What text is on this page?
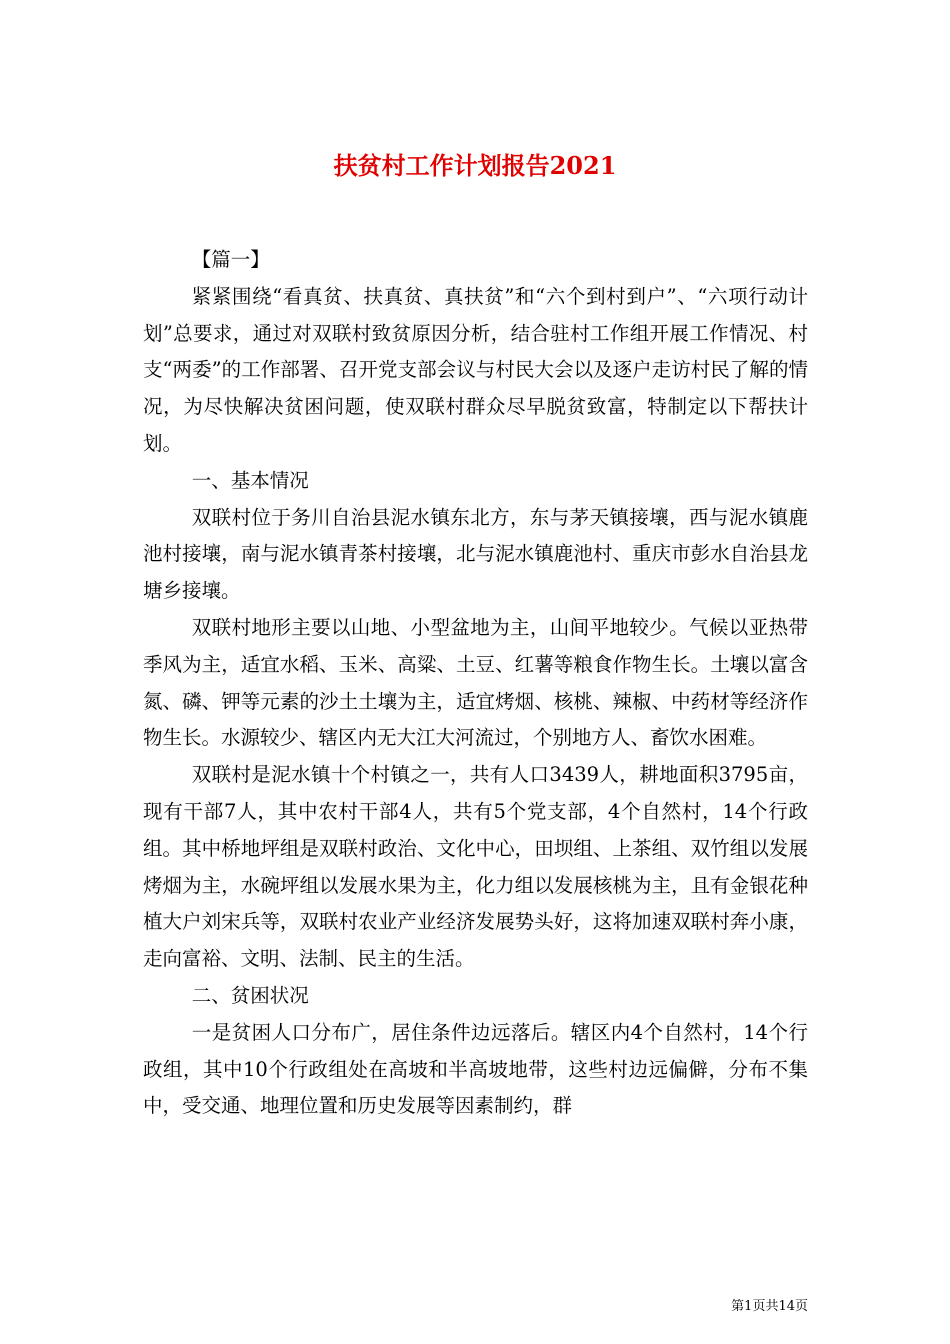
扶贫村工作计划报告2021

【篇一】

紧紧围绕“看真贫、扶真贫、真扶贫”和“六个到村到户”、“六项行动计划”总要求，通过对双联村致贫原因分析，结合驻村工作组开展工作情况、村支“两委”的工作部署、召开党支部会议与村民大会以及逐户走访村民了解的情况，为尽快解决贫困问题，使双联村群众尽早脱贫致富，特制定以下帮扶计划。

一、基本情况

双联村位于务川自治县泥水镇东北方，东与茅天镇接壤，西与泥水镇鹿池村接壤，南与泥水镇青茶村接壤，北与泥水镇鹿池村、重庆市彭水自治县龙塘乡接壤。

双联村地形主要以山地、小型盆地为主，山间平地较少。气候以亚热带季风为主，适宜水稻、玉米、高粱、土豆、红薯等粮食作物生长。土壤以富含氮、磷、钾等元素的沙土土壤为主，适宜烤烟、核桃、辣椒、中药材等经济作物生长。水源较少、辖区内无大江大河流过，个别地方人、畜饮水困难。

双联村是泥水镇十个村镇之一，共有人口3439人，耕地面积3795亩，现有干部7人，其中农村干部4人，共有5个党支部，4个自然村，14个行政组。其中桥地坪组是双联村政治、文化中心，田坝组、上茶组、双竹组以发展烤烟为主，水碗坪组以发展水果为主，化力组以发展核桃为主，且有金银花种植大户刘宋兵等，双联村农业产业经济发展势头好，这将加速双联村奔小康，走向富裕、文明、法制、民主的生活。

二、贫困状况

一是贫困人口分布广，居住条件边远落后。辖区内4个自然村，14个行政组，其中10个行政组处在高坡和半高坡地带，这些村边远偏僻，分布不集中，受交通、地理位置和历史发展等因素制约，群

第1页共14页
